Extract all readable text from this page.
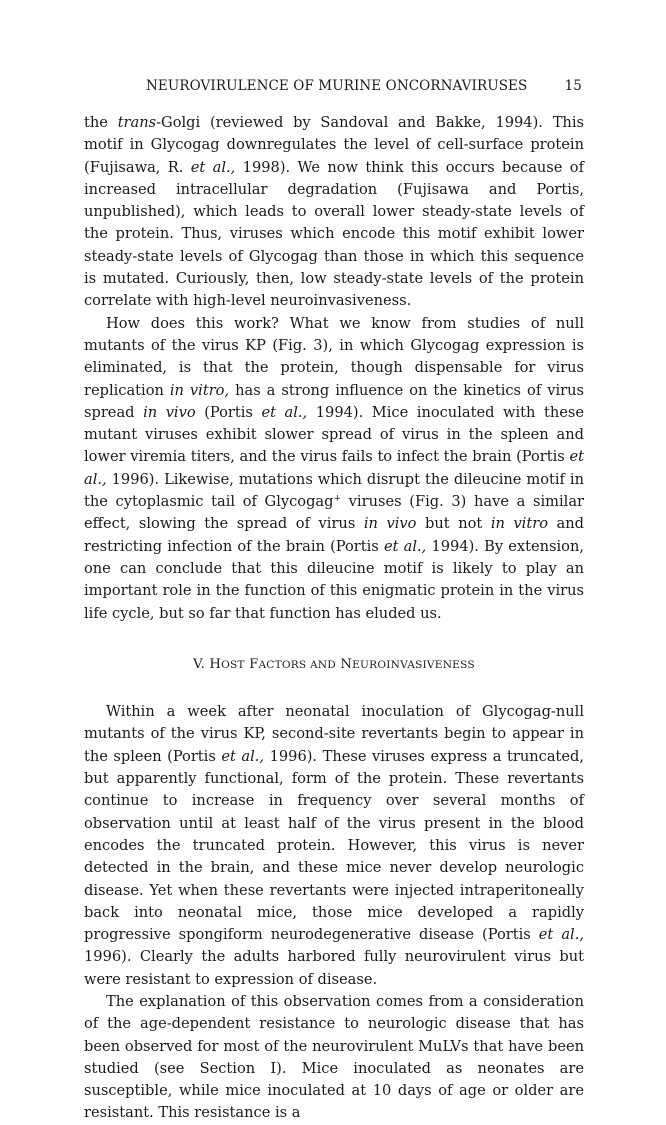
NEUROVIRULENCE OF MURINE ONCORNAVIRUSES	15

the trans-Golgi (reviewed by Sandoval and Bakke, 1994). This motif in Glycogag downregulates the level of cell-surface protein (Fujisawa, R. et al., 1998). We now think this occurs because of increased intracellular degradation (Fujisawa and Portis, unpublished), which leads to overall lower steady-state levels of the protein. Thus, viruses which encode this motif exhibit lower steady-state levels of Glycogag than those in which this sequence is mutated. Curiously, then, low steady-state levels of the protein correlate with high-level neuroinvasiveness.

How does this work? What we know from studies of null mutants of the virus KP (Fig. 3), in which Glycogag expression is eliminated, is that the protein, though dispensable for virus replication in vitro, has a strong influence on the kinetics of virus spread in vivo (Portis et al., 1994). Mice inoculated with these mutant viruses exhibit slower spread of virus in the spleen and lower viremia titers, and the virus fails to infect the brain (Portis et al., 1996). Likewise, mutations which disrupt the dileucine motif in the cytoplasmic tail of Glycogag+ viruses (Fig. 3) have a similar effect, slowing the spread of virus in vivo but not in vitro and restricting infection of the brain (Portis et al., 1994). By extension, one can conclude that this dileucine motif is likely to play an important role in the function of this enigmatic protein in the virus life cycle, but so far that function has eluded us.

V. HOST FACTORS AND NEUROINVASIVENESS

Within a week after neonatal inoculation of Glycogag-null mutants of the virus KP, second-site revertants begin to appear in the spleen (Portis et al., 1996). These viruses express a truncated, but apparently functional, form of the protein. These revertants continue to increase in frequency over several months of observation until at least half of the virus present in the blood encodes the truncated protein. However, this virus is never detected in the brain, and these mice never develop neurologic disease. Yet when these revertants were injected intraperitoneally back into neonatal mice, those mice developed a rapidly progressive spongiform neurodegenerative disease (Portis et al., 1996). Clearly the adults harbored fully neurovirulent virus but were resistant to expression of disease.

The explanation of this observation comes from a consideration of the age-dependent resistance to neurologic disease that has been observed for most of the neurovirulent MuLVs that have been studied (see Section I). Mice inoculated as neonates are susceptible, while mice inoculated at 10 days of age or older are resistant. This resistance is a
